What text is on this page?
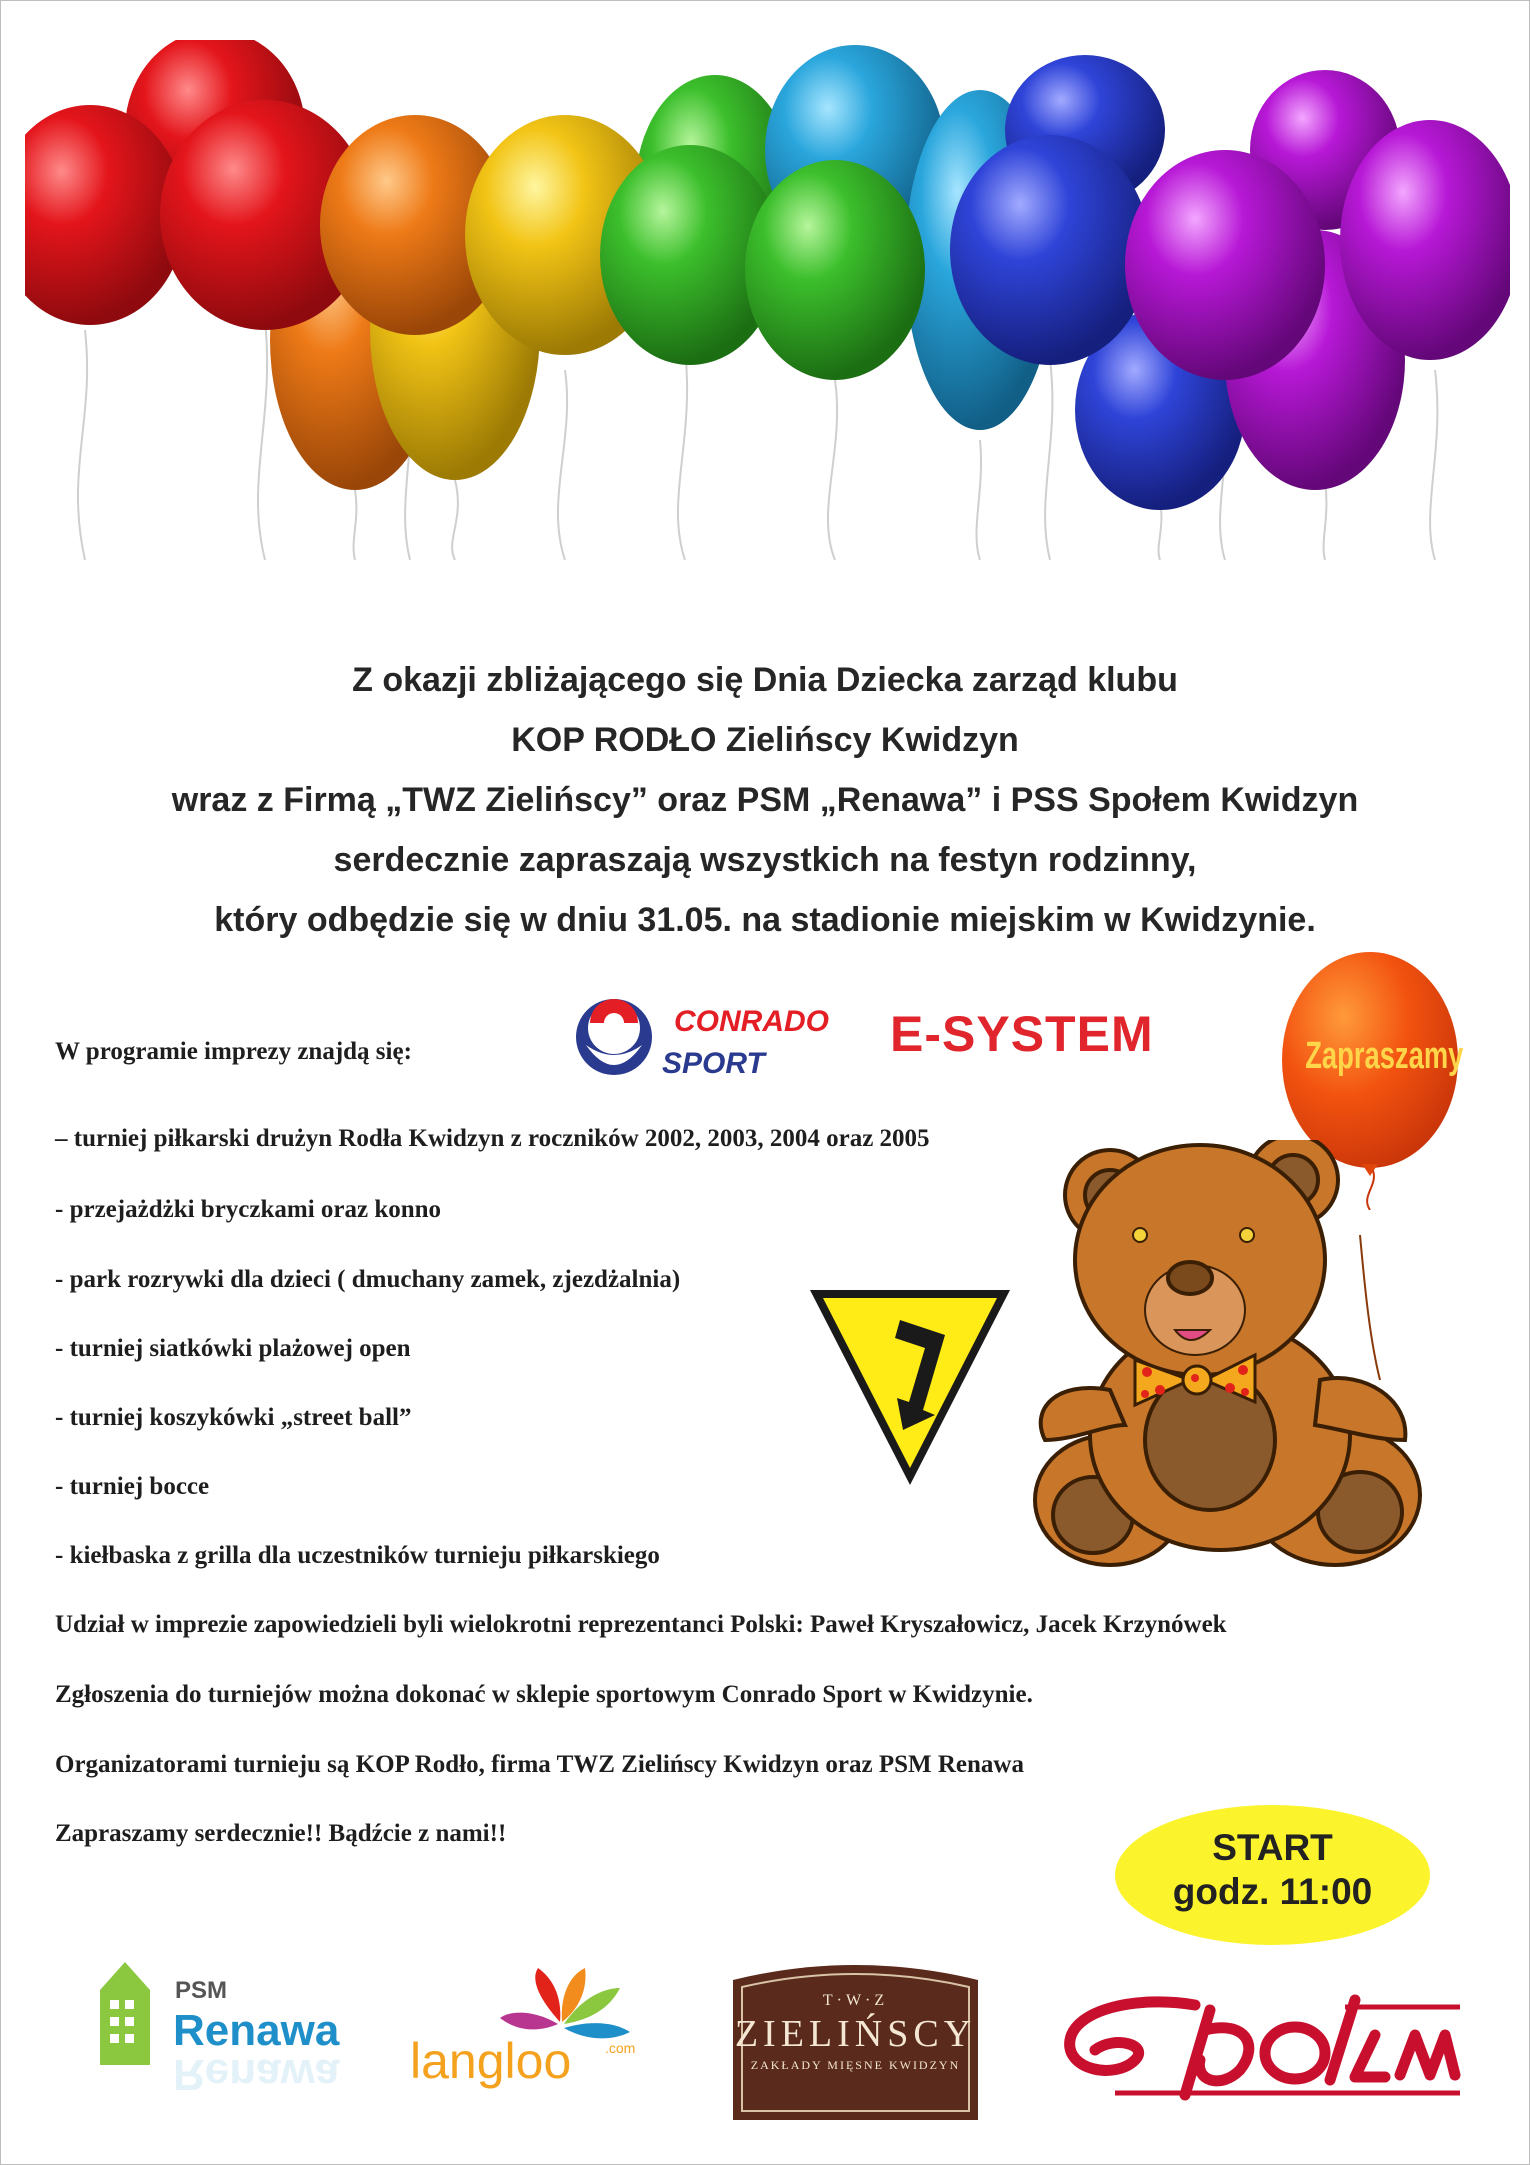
Z okazji zbliżającego się Dnia Dziecka zarząd klubu
KOP RODŁO Zielińscy Kwidzyn
wraz z Firmą „TWZ Zielińscy” oraz PSM „Renawa” i PSS Społem Kwidzyn
serdecznie zapraszają wszystkich na festyn rodzinny,
który odbędzie się w dniu 31.05. na stadionie miejskim w Kwidzynie.
W programie imprezy znajdą się:
– turniej piłkarski drużyn Rodła Kwidzyn z roczników 2002, 2003, 2004 oraz 2005
- przejażdżki bryczkami oraz konno
- park rozrywki dla dzieci ( dmuchany zamek, zjezdżalnia)
- turniej siatkówki plażowej open
- turniej koszykówki „street ball”
- turniej bocce
- kiełbaska z grilla dla uczestników turnieju piłkarskiego
Udział w imprezie zapowiedzieli byli wielokrotni reprezentanci Polski: Paweł Kryszałowicz, Jacek Krzynówek
Zgłoszenia do turniejów można dokonać w sklepie sportowym Conrado Sport w Kwidzynie.
Organizatorami turnieju są KOP Rodło, firma TWZ Zielińscy Kwidzyn oraz PSM Renawa
Zapraszamy serdecznie!! Bądźcie z nami!!
CONRADO
SPORT
E-SYSTEM	Zapraszamy
START
godz. 11:00
PSM
Renawa
Renawa langloo .com
T·W·Z
ZIELIŃSCY
ZAKŁADY MIĘSNE KWIDZYN
